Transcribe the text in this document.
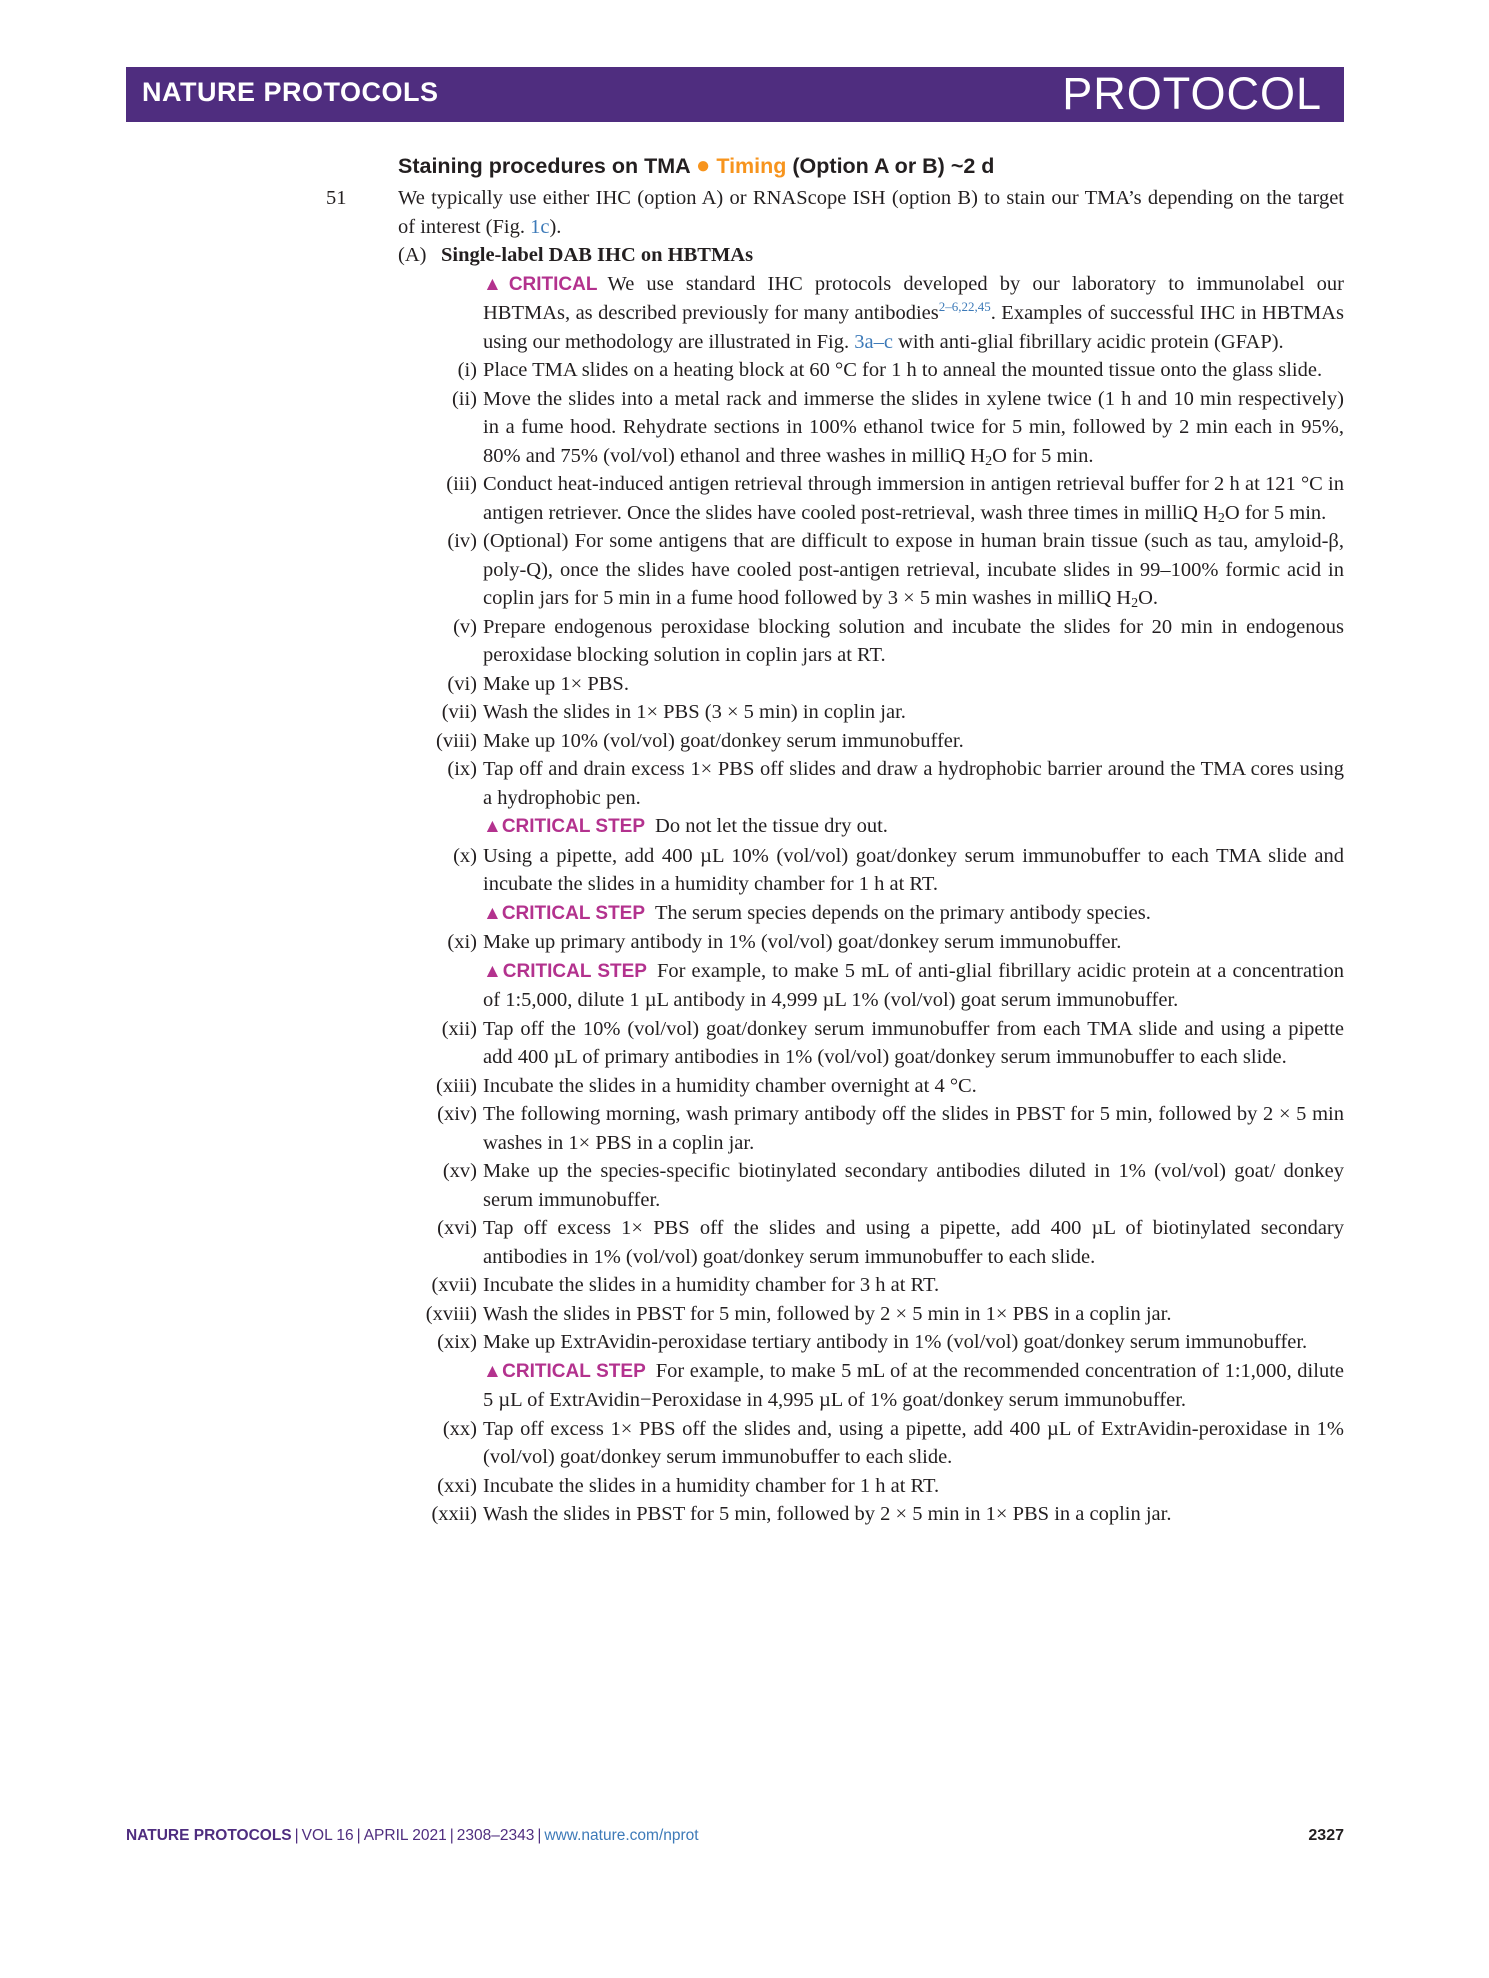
NATURE PROTOCOLS	PROTOCOL
Staining procedures on TMA ● Timing (Option A or B) ~2 d
51	We typically use either IHC (option A) or RNAScope ISH (option B) to stain our TMA’s depending on the target of interest (Fig. 1c).
(A) Single-label DAB IHC on HBTMAs
▲CRITICAL We use standard IHC protocols developed by our laboratory to immunolabel our HBTMAs, as described previously for many antibodies$^{2-6,22,45}$. Examples of successful IHC in HBTMAs using our methodology are illustrated in Fig. 3a–c with anti-glial fibrillary acidic protein (GFAP).
(i) Place TMA slides on a heating block at 60 °C for 1 h to anneal the mounted tissue onto the glass slide.
(ii) Move the slides into a metal rack and immerse the slides in xylene twice (1 h and 10 min respectively) in a fume hood. Rehydrate sections in 100% ethanol twice for 5 min, followed by 2 min each in 95%, 80% and 75% (vol/vol) ethanol and three washes in milliQ $H_2O$ for 5 min.
(iii) Conduct heat-induced antigen retrieval through immersion in antigen retrieval buffer for 2 h at 121 °C in antigen retriever. Once the slides have cooled post-retrieval, wash three times in milliQ $H_2O$ for 5 min.
(iv) (Optional) For some antigens that are difficult to expose in human brain tissue (such as tau, amyloid-β, poly-Q), once the slides have cooled post-antigen retrieval, incubate slides in 99–100% formic acid in coplin jars for 5 min in a fume hood followed by 3 × 5 min washes in milliQ $H_2O$.
(v) Prepare endogenous peroxidase blocking solution and incubate the slides for 20 min in endogenous peroxidase blocking solution in coplin jars at RT.
(vi) Make up 1× PBS.
(vii) Wash the slides in 1× PBS (3 × 5 min) in coplin jar.
(viii) Make up 10% (vol/vol) goat/donkey serum immunobuffer.
(ix) Tap off and drain excess 1× PBS off slides and draw a hydrophobic barrier around the TMA cores using a hydrophobic pen.
▲CRITICAL STEP Do not let the tissue dry out.
(x) Using a pipette, add 400 µL 10% (vol/vol) goat/donkey serum immunobuffer to each TMA slide and incubate the slides in a humidity chamber for 1 h at RT.
▲CRITICAL STEP The serum species depends on the primary antibody species.
(xi) Make up primary antibody in 1% (vol/vol) goat/donkey serum immunobuffer.
▲CRITICAL STEP For example, to make 5 mL of anti-glial fibrillary acidic protein at a concentration of 1:5,000, dilute 1 µL antibody in 4,999 µL 1% (vol/vol) goat serum immunobuffer.
(xii) Tap off the 10% (vol/vol) goat/donkey serum immunobuffer from each TMA slide and using a pipette add 400 µL of primary antibodies in 1% (vol/vol) goat/donkey serum immunobuffer to each slide.
(xiii) Incubate the slides in a humidity chamber overnight at 4 °C.
(xiv) The following morning, wash primary antibody off the slides in PBST for 5 min, followed by 2 × 5 min washes in 1× PBS in a coplin jar.
(xv) Make up the species-specific biotinylated secondary antibodies diluted in 1% (vol/vol) goat/ donkey serum immunobuffer.
(xvi) Tap off excess 1× PBS off the slides and using a pipette, add 400 µL of biotinylated secondary antibodies in 1% (vol/vol) goat/donkey serum immunobuffer to each slide.
(xvii) Incubate the slides in a humidity chamber for 3 h at RT.
(xviii) Wash the slides in PBST for 5 min, followed by 2 × 5 min in 1× PBS in a coplin jar.
(xix) Make up ExtrAvidin-peroxidase tertiary antibody in 1% (vol/vol) goat/donkey serum immunobuffer.
▲CRITICAL STEP For example, to make 5 mL of at the recommended concentration of 1:1,000, dilute 5 µL of ExtrAvidin−Peroxidase in 4,995 µL of 1% goat/donkey serum immunobuffer.
(xx) Tap off excess 1× PBS off the slides and, using a pipette, add 400 µL of ExtrAvidin-peroxidase in 1% (vol/vol) goat/donkey serum immunobuffer to each slide.
(xxi) Incubate the slides in a humidity chamber for 1 h at RT.
(xxii) Wash the slides in PBST for 5 min, followed by 2 × 5 min in 1× PBS in a coplin jar.
NATURE PROTOCOLS | VOL 16 | APRIL 2021 | 2308–2343 | www.nature.com/nprot	2327
